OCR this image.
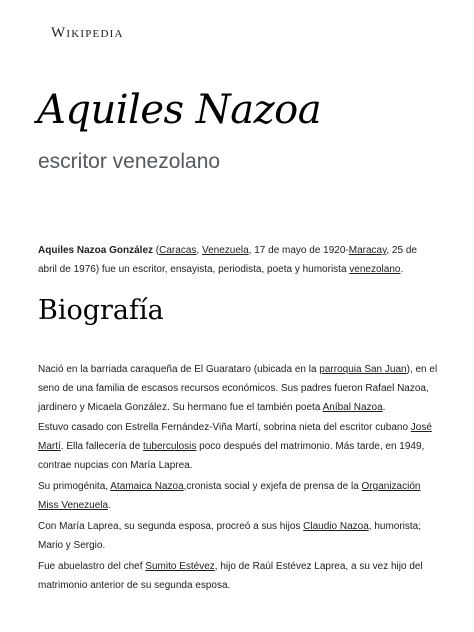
Wikipedia
Aquiles Nazoa
escritor venezolano
Aquiles Nazoa González (Caracas, Venezuela, 17 de mayo de 1920-Maracay, 25 de abril de 1976) fue un escritor, ensayista, periodista, poeta y humorista venezolano.
Biografía
Nació en la barriada caraqueña de El Guarataro (ubicada en la parroquia San Juan), en el seno de una familia de escasos recursos económicos. Sus padres fueron Rafael Nazoa, jardinero y Micaela González. Su hermano fue el también poeta Aníbal Nazoa.
Estuvo casado con Estrella Fernández-Viña Martí, sobrina nieta del escritor cubano José Martí. Ella fallecería de tuberculosis poco después del matrimonio. Más tarde, en 1949, contrae nupcias con María Laprea.
Su primogénita, Atamaica Nazoa,cronista social y exjefa de prensa de la Organización Miss Venezuela.
Con María Laprea, su segunda esposa, procreó a sus hijos Claudio Nazoa, humorista; Mario y Sergio.
Fue abuelastro del chef Sumito Estévez, hijo de Raúl Estévez Laprea, a su vez hijo del matrimonio anterior de su segunda esposa.
